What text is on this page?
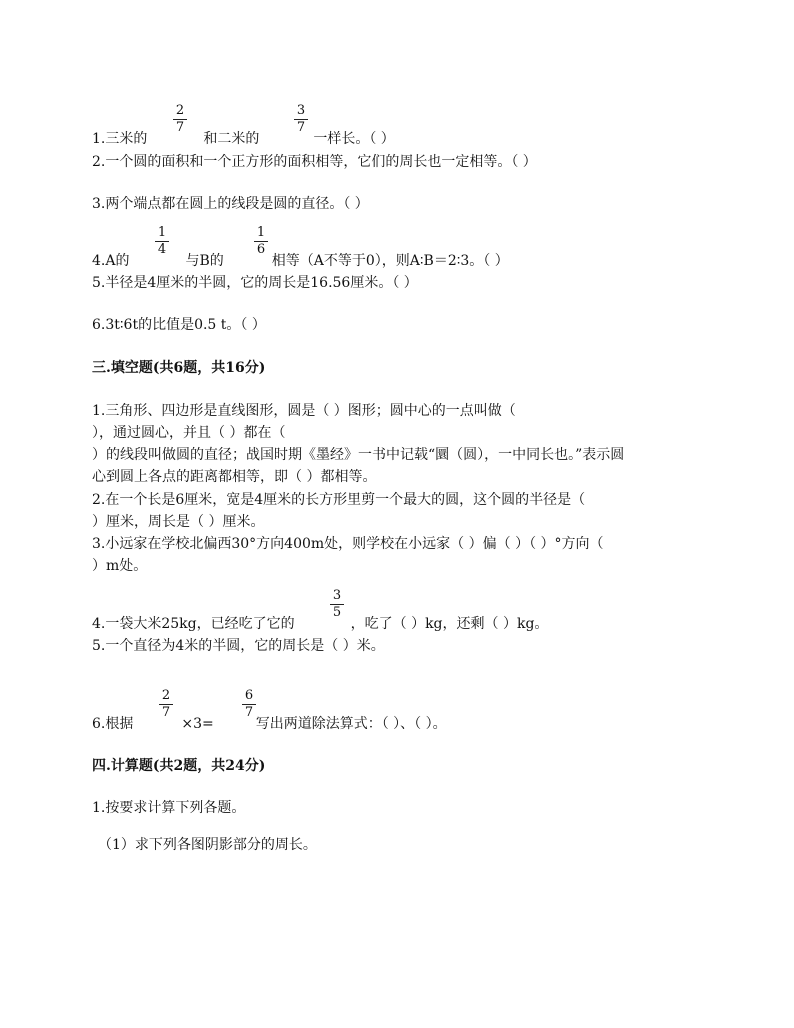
2
7
3
7
1.三米的	和二米的	一样长。（ ）
2.一个圆的面积和一个正方形的面积相等，它们的周长也一定相等。（ ）
3.两个端点都在圆上的线段是圆的直径。（ ）
1
4
1
6
4.A的	与B的	相等（A不等于0），则A∶B＝2∶3。（ ）
5.半径是4厘米的半圆，它的周长是16.56厘米。（ ）
6.3t∶6t的比值是0.5 t。（ ）
三.填空题(共6题，共16分)
1.三角形、四边形是直线图形，圆是（ ）图形；圆中心的一点叫做（
），通过圆心，并且（ ）都在（
）的线段叫做圆的直径；战国时期《墨经》一书中记载“圜（圆），一中同长也。”表示圆
心到圆上各点的距离都相等，即（ ）都相等。
2.在一个长是6厘米，宽是4厘米的长方形里剪一个最大的圆，这个圆的半径是（
）厘米，周长是（ ）厘米。
3.小远家在学校北偏西30°方向400m处，则学校在小远家（ ）偏（ ）（ ）°方向（
）m处。
3
5
4.一袋大米25kg，已经吃了它的	，吃了（ ）kg，还剩（ ）kg。
5.一个直径为4米的半圆，它的周长是（ ）米。
2
7
6
7
6.根据	×3=	写出两道除法算式：（ ）、（ ）。
四.计算题(共2题，共24分)
1.按要求计算下列各题。
（1）求下列各图阴影部分的周长。
